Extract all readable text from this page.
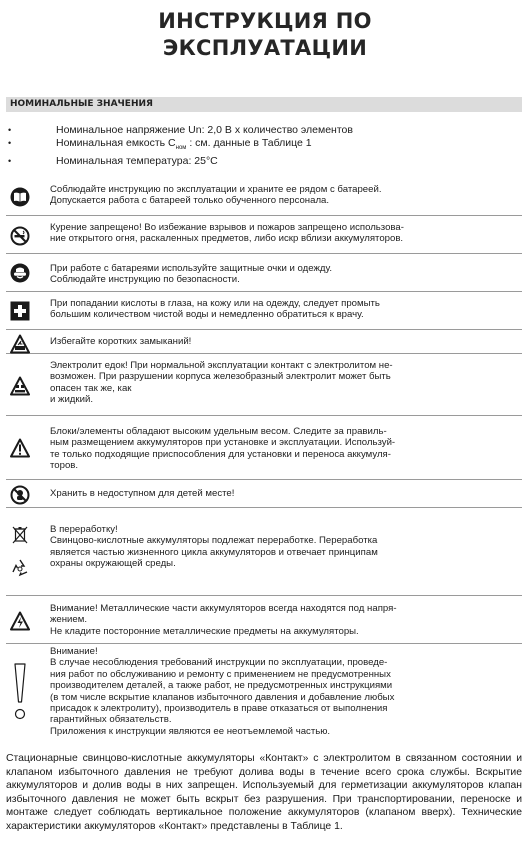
ИНСТРУКЦИЯ ПО
ЭКСПЛУАТАЦИИ
НОМИНАЛЬНЫЕ ЗНАЧЕНИЯ
• Номинальное напряжение Un: 2,0 В x количество элементов
• Номинальная емкость $C_{ном}$ : см. данные в Таблице 1
• Номинальная температура: 25°С
Соблюдайте инструкцию по эксплуатации и храните ее рядом с батареей.
Допускается работа с батареей только обученного персонала.
Курение запрещено! Во избежание взрывов и пожаров запрещено использова-
ние открытого огня, раскаленных предметов, либо искр вблизи аккумуляторов.
При работе с батареями используйте защитные очки и одежду.
Соблюдайте инструкцию по безопасности.
При попадании кислоты в глаза, на кожу или на одежду, следует промыть
большим количеством чистой воды и немедленно обратиться к врачу.
Избегайте коротких замыканий!
Электролит едок! При нормальной эксплуатации контакт с электролитом не-
возможен. При разрушении корпуса железобразный электролит может быть
опасен так же, как
и жидкий.
Блоки/элементы обладают высоким удельным весом. Следите за правиль-
ным размещением аккумуляторов при установке и эксплуатации. Используй-
те только подходящие приспособления для установки и переноса аккумуля-
торов.
Хранить в недоступном для детей месте!
В переработку!
Свинцово-кислотные аккумуляторы подлежат переработке. Переработка
является частью жизненного цикла аккумуляторов и отвечает принципам
охраны окружающей среды.
Внимание! Металлические части аккумуляторов всегда находятся под напря-
жением.
Не кладите посторонние металлические предметы на аккумуляторы.
Внимание!
В случае несоблюдения требований инструкции по эксплуатации, проведе-
ния работ по обслуживанию и ремонту с применением не предусмотренных
производителем деталей, а также работ, не предусмотренных инструкциями
(в том числе вскрытие клапанов избыточного давления и добавление любых
присадок к электролиту), производитель в праве отказаться от выполнения
гарантийных обязательств.
Приложения к инструкции являются ее неотъемлемой частью.
Стационарные свинцово-кислотные аккумуляторы «Контакт» с электролитом в связанном состоянии и клапаном избыточного давления не требуют долива воды в течение всего срока службы. Вскрытие аккумуляторов и долив воды в них запрещен. Используемый для герметизации аккумуляторов клапан избыточного давления не может быть вскрыт без разрушения. При транспортировании, переноске и монтаже следует соблюдать вертикальное положение аккумуляторов (клапаном вверх). Технические характеристики аккумуляторов «Контакт» представлены в Таблице 1.
